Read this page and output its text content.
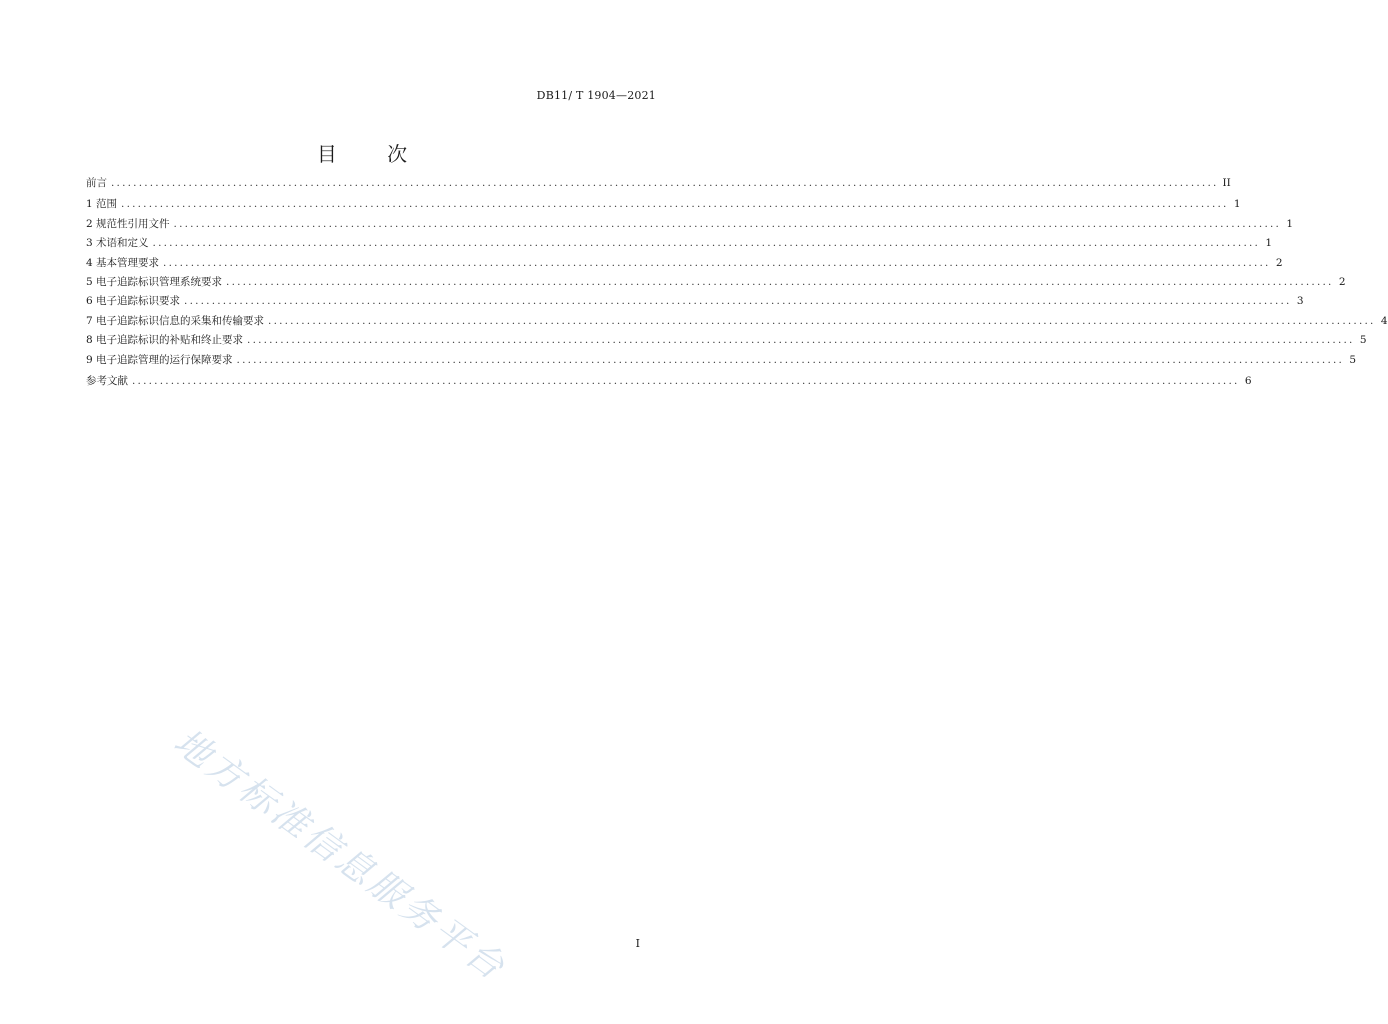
DB11/ T 1904—2021
目 次
前言 ........................................................................................................................................................................................................ II
1 范围 ........................................................................................................................................................................................................ 1
2 规范性引用文件 ........................................................................................................................................................................................................ 1
3 术语和定义 ........................................................................................................................................................................................................ 1
4 基本管理要求 ........................................................................................................................................................................................................ 2
5 电子追踪标识管理系统要求 ........................................................................................................................................................................................................ 2
6 电子追踪标识要求 ........................................................................................................................................................................................................ 3
7 电子追踪标识信息的采集和传输要求 ........................................................................................................................................................................................................ 4
8 电子追踪标识的补贴和终止要求 ........................................................................................................................................................................................................ 5
9 电子追踪管理的运行保障要求 ........................................................................................................................................................................................................ 5
参考文献 ........................................................................................................................................................................................................ 6
地方标准信息服务平台	I
